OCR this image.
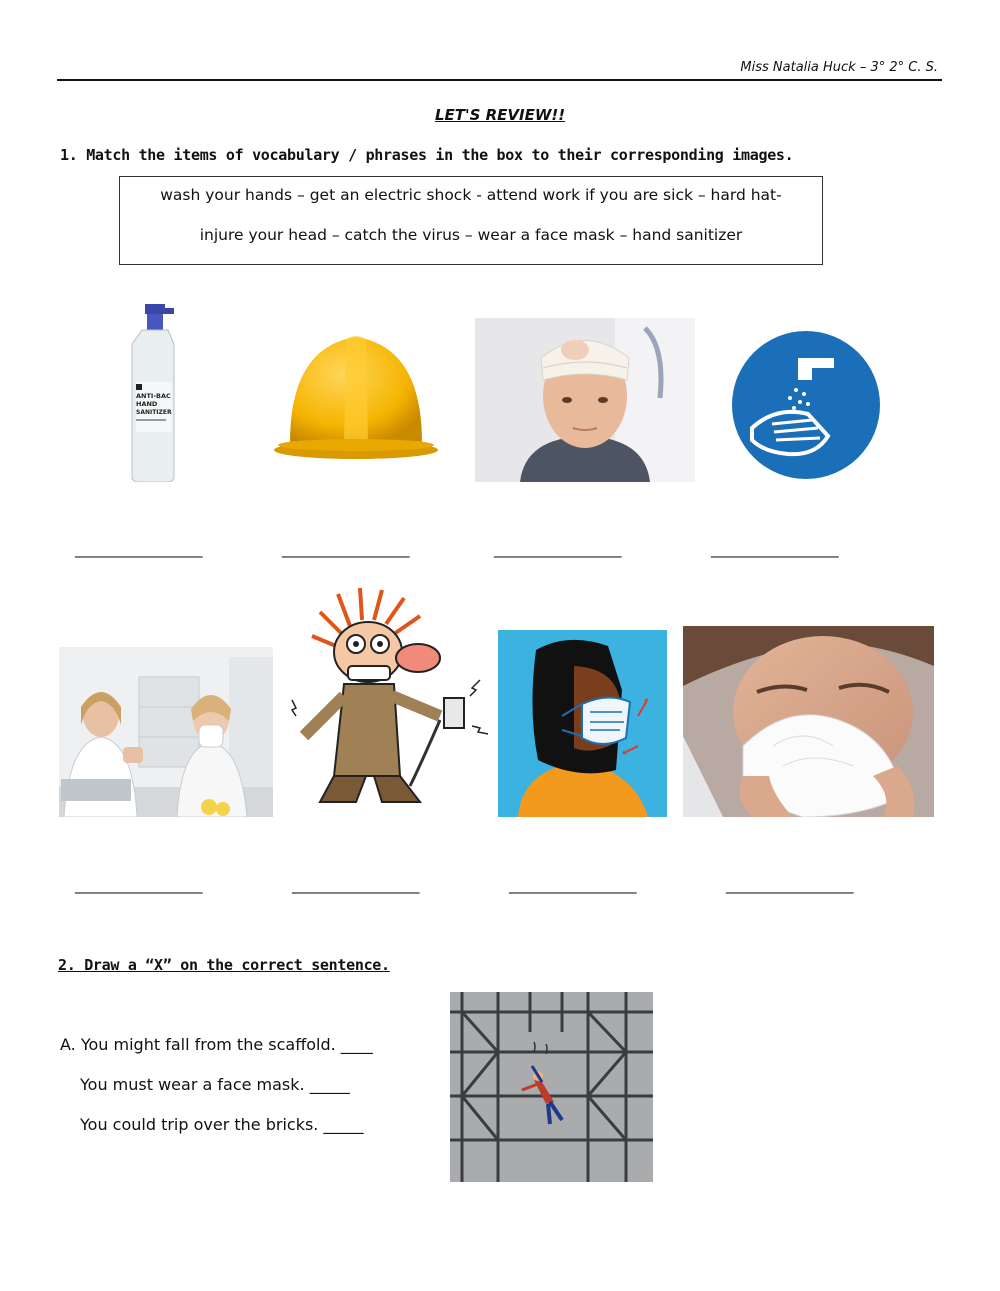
Miss Natalia Huck – 3° 2° C. S.
LET'S REVIEW!!
1. Match the items of vocabulary / phrases in the box to their corresponding images.
wash your hands – get an electric shock - attend work if you are sick – hard hat-
injure your head – catch the virus – wear a face mask – hand sanitizer
ANTI-BAC
HAND
SANITIZER
_________________	_________________	_________________	_________________
_________________	_________________	_________________	_________________
2. Draw a “X” on the correct sentence.
A. You might fall from the scaffold. ____
You must wear a face mask. _____
You could trip over the bricks. _____
